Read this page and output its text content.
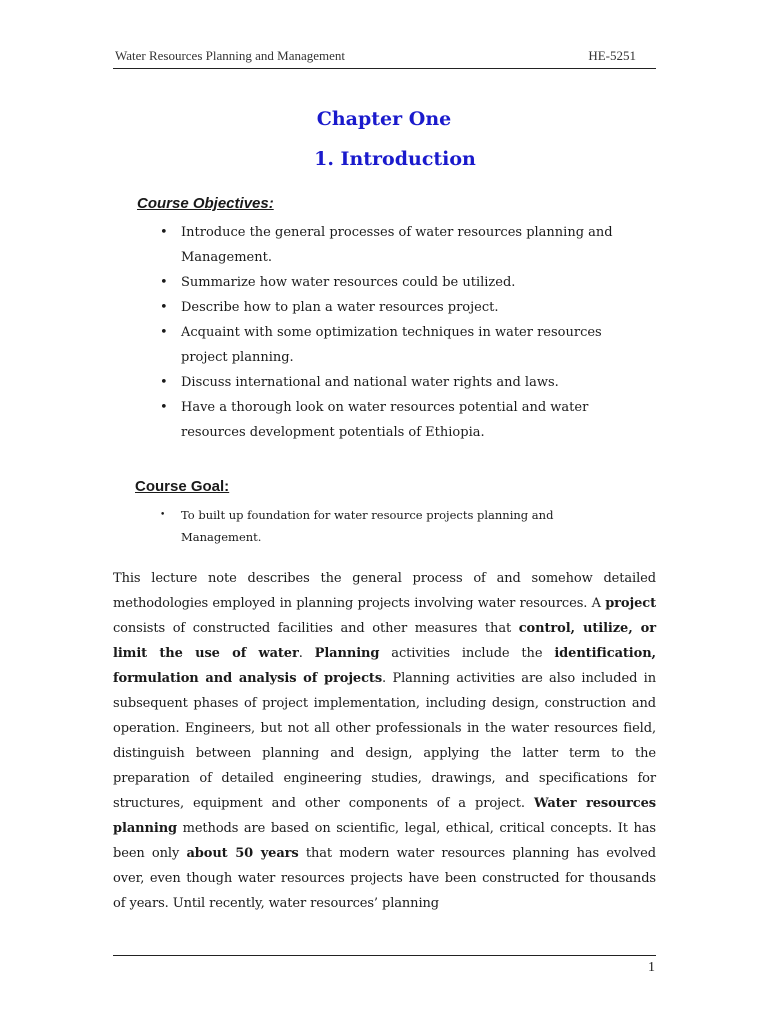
Water Resources Planning and Management	HE-5251
Chapter One
1. Introduction
Course Objectives:
• Introduce the general processes of water resources planning and Management.
• Summarize how water resources could be utilized.
• Describe how to plan a water resources project.
• Acquaint with some optimization techniques in water resources project planning.
• Discuss international and national water rights and laws.
• Have a thorough look on water resources potential and water resources development potentials of Ethiopia.
Course Goal:
• To built up foundation for water resource projects planning and Management.

This lecture note describes the general process of and somehow detailed methodologies employed in planning projects involving water resources. A project consists of constructed facilities and other measures that control, utilize, or limit the use of water. Planning activities include the identification, formulation and analysis of projects. Planning activities are also included in subsequent phases of project implementation, including design, construction and operation. Engineers, but not all other professionals in the water resources field, distinguish between planning and design, applying the latter term to the preparation of detailed engineering studies, drawings, and specifications for structures, equipment and other components of a project. Water resources planning methods are based on scientific, legal, ethical, critical concepts. It has been only about 50 years that modern water resources planning has evolved over, even though water resources projects have been constructed for thousands of years. Until recently, water resources’ planning

1
